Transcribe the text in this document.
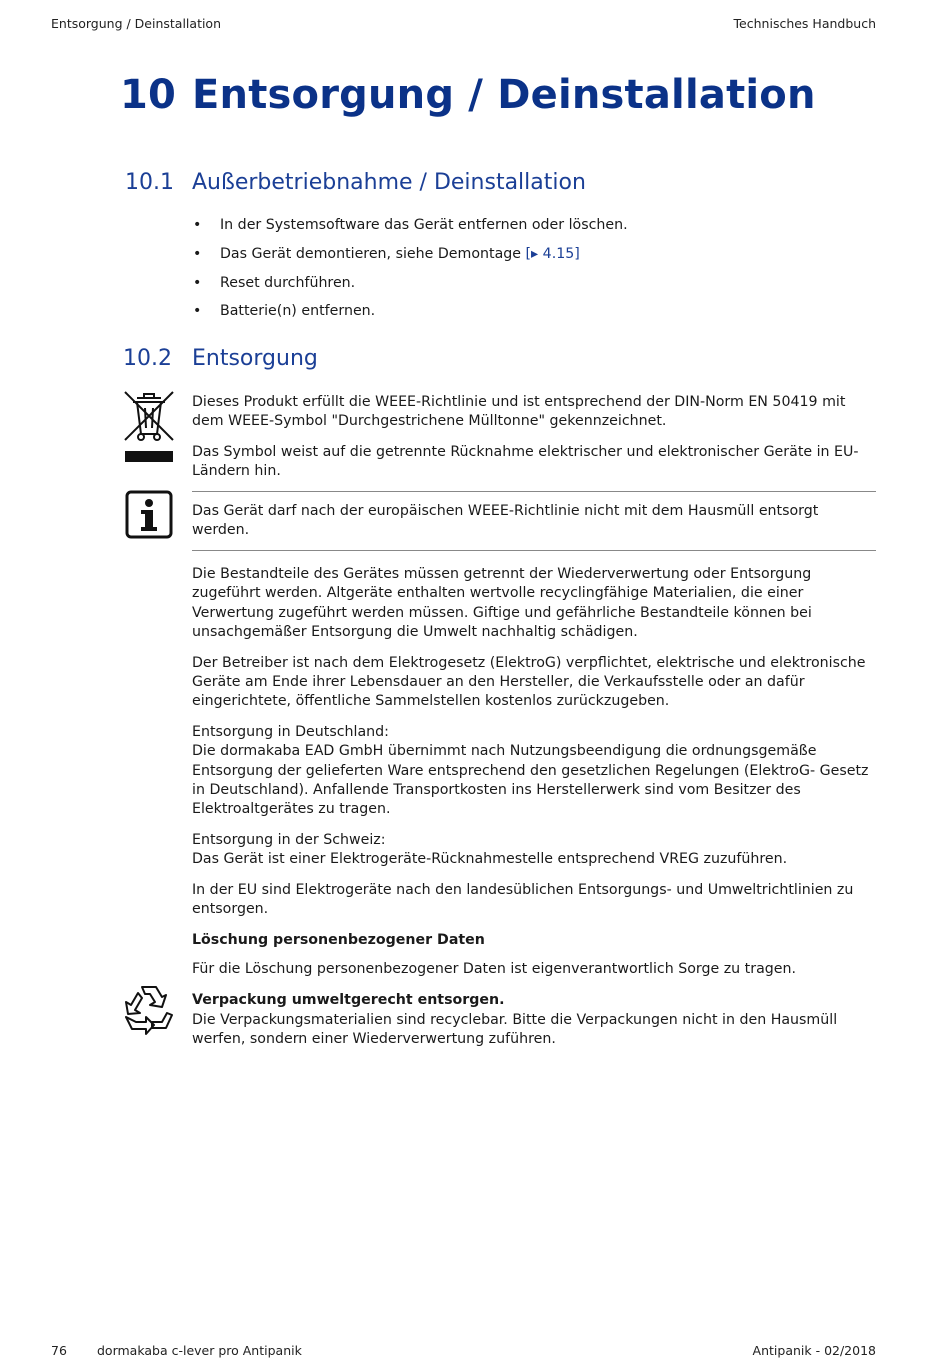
Entsorgung / Deinstallation	Technisches Handbuch
10 Entsorgung / Deinstallation
10.1 Außerbetriebnahme / Deinstallation
• In der Systemsoftware das Gerät entfernen oder löschen.
• Das Gerät demontieren, siehe Demontage [▸ 4.15]
• Reset durchführen.
• Batterie(n) entfernen.
10.2 Entsorgung

Dieses Produkt erfüllt die WEEE-Richtlinie und ist entsprechend der DIN-Norm EN 50419 mit dem WEEE-Symbol "Durchgestrichene Mülltonne" gekennzeichnet.

Das Symbol weist auf die getrennte Rücknahme elektrischer und elektronischer Geräte in EU-Ländern hin.

Das Gerät darf nach der europäischen WEEE-Richtlinie nicht mit dem Hausmüll entsorgt werden.

Die Bestandteile des Gerätes müssen getrennt der Wiederverwertung oder Entsorgung zugeführt werden. Altgeräte enthalten wertvolle recyclingfähige Materialien, die einer Verwertung zugeführt werden müssen. Giftige und gefährliche Bestandteile können bei unsachgemäßer Entsorgung die Umwelt nachhaltig schädigen.

Der Betreiber ist nach dem Elektrogesetz (ElektroG) verpflichtet, elektrische und elektronische Geräte am Ende ihrer Lebensdauer an den Hersteller, die Verkaufsstelle oder an dafür eingerichtete, öffentliche Sammelstellen kostenlos zurückzugeben.

Entsorgung in Deutschland:
Die dormakaba EAD GmbH übernimmt nach Nutzungsbeendigung die ordnungsgemäße Entsorgung der gelieferten Ware entsprechend den gesetzlichen Regelungen (ElektroG- Gesetz in Deutschland). Anfallende Transportkosten ins Herstellerwerk sind vom Besitzer des Elektroaltgerätes zu tragen.

Entsorgung in der Schweiz:
Das Gerät ist einer Elektrogeräte-Rücknahmestelle entsprechend VREG zuzuführen.

In der EU sind Elektrogeräte nach den landesüblichen Entsorgungs- und Umweltrichtlinien zu entsorgen.

Löschung personenbezogener Daten

Für die Löschung personenbezogener Daten ist eigenverantwortlich Sorge zu tragen.

Verpackung umweltgerecht entsorgen.

Die Verpackungsmaterialien sind recyclebar. Bitte die Verpackungen nicht in den Hausmüll werfen, sondern einer Wiederverwertung zuführen.

76 dormakaba c-lever pro Antipanik	Antipanik - 02/2018
